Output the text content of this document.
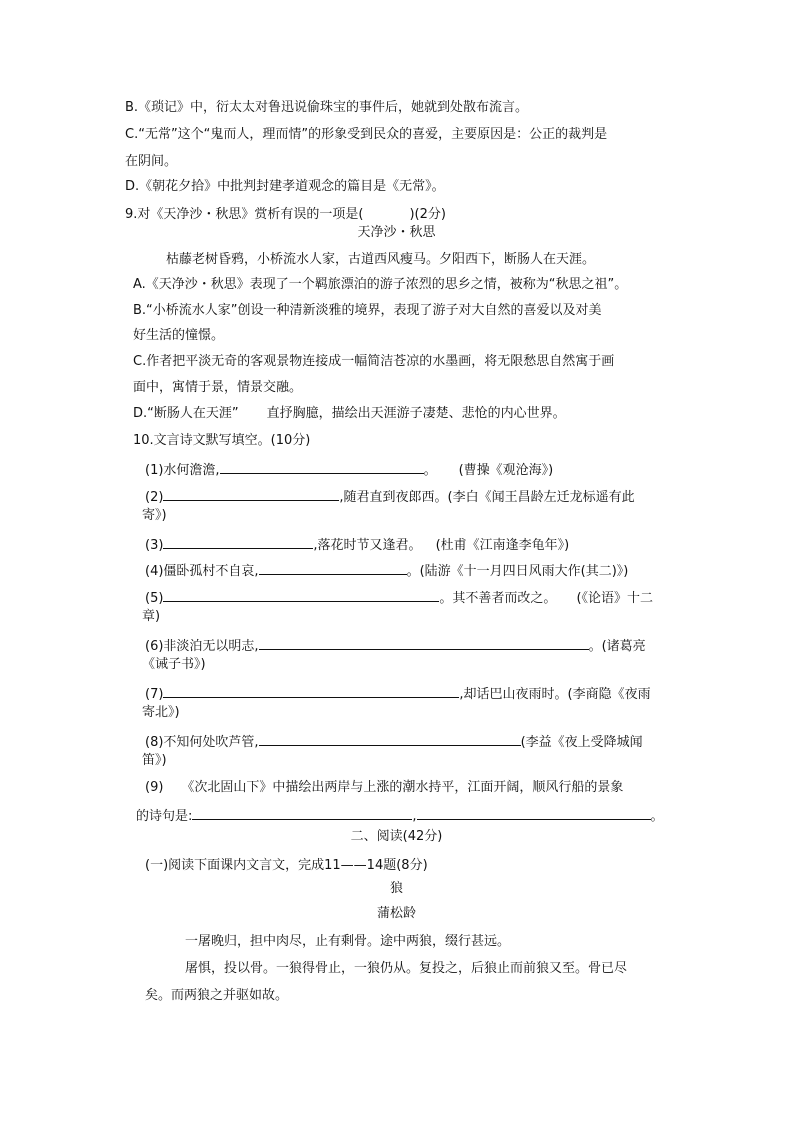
B.《琐记》中，衍太太对鲁迅说偷珠宝的事件后，她就到处散布流言。
C.“无常”这个“鬼而人，理而情”的形象受到民众的喜爱，主要原因是：公正的裁判是
在阴间。
D.《朝花夕拾》中批判封建孝道观念的篇目是《无常》。
9.对《天净沙・秋思》赏析有误的一项是(	)(2分)
天净沙・秋思
枯藤老树昏鸦，小桥流水人家，古道西风瘦马。夕阳西下，断肠人在天涯。
A.《天净沙・秋思》表现了一个羁旅漂泊的游子浓烈的思乡之情，被称为“秋思之祖”。
B.“小桥流水人家”创设一种清新淡雅的境界，表现了游子对大自然的喜爱以及对美
好生活的憧憬。
C.作者把平淡无奇的客观景物连接成一幅简洁苍凉的水墨画，将无限愁思自然寓于画
面中，寓情于景，情景交融。
D.“断肠人在天涯” 直抒胸臆，描绘出天涯游子凄楚、悲怆的内心世界。
10.文言诗文默写填空。(10分)
(1)水何澹澹,	。 (曹操《观沧海》)
(2)	,随君直到夜郎西。(李白《闻王昌龄左迁龙标遥有此
寄》)
(3)	,落花时节又逢君。 (杜甫《江南逢李龟年》)
(4)僵卧孤村不自哀,	。(陆游《十一月四日风雨大作(其二)》)
(5)	。其不善者而改之。 (《论语》十二
章)
(6)非淡泊无以明志,	。(诸葛亮
《诫子书》)
(7)	,却话巴山夜雨时。(李商隐《夜雨
寄北》)
(8)不知何处吹芦管,	(李益《夜上受降城闻
笛》)
(9) 《次北固山下》中描绘出两岸与上涨的潮水持平，江面开阔，顺风行船的景象
的诗句是:	,	。
二、阅读(42分)
(一)阅读下面课内文言文，完成11——14题(8分)
狼
蒲松龄
一屠晚归，担中肉尽，止有剩骨。途中两狼，缀行甚远。
屠惧，投以骨。一狼得骨止，一狼仍从。复投之，后狼止而前狼又至。骨已尽
矣。而两狼之并驱如故。
